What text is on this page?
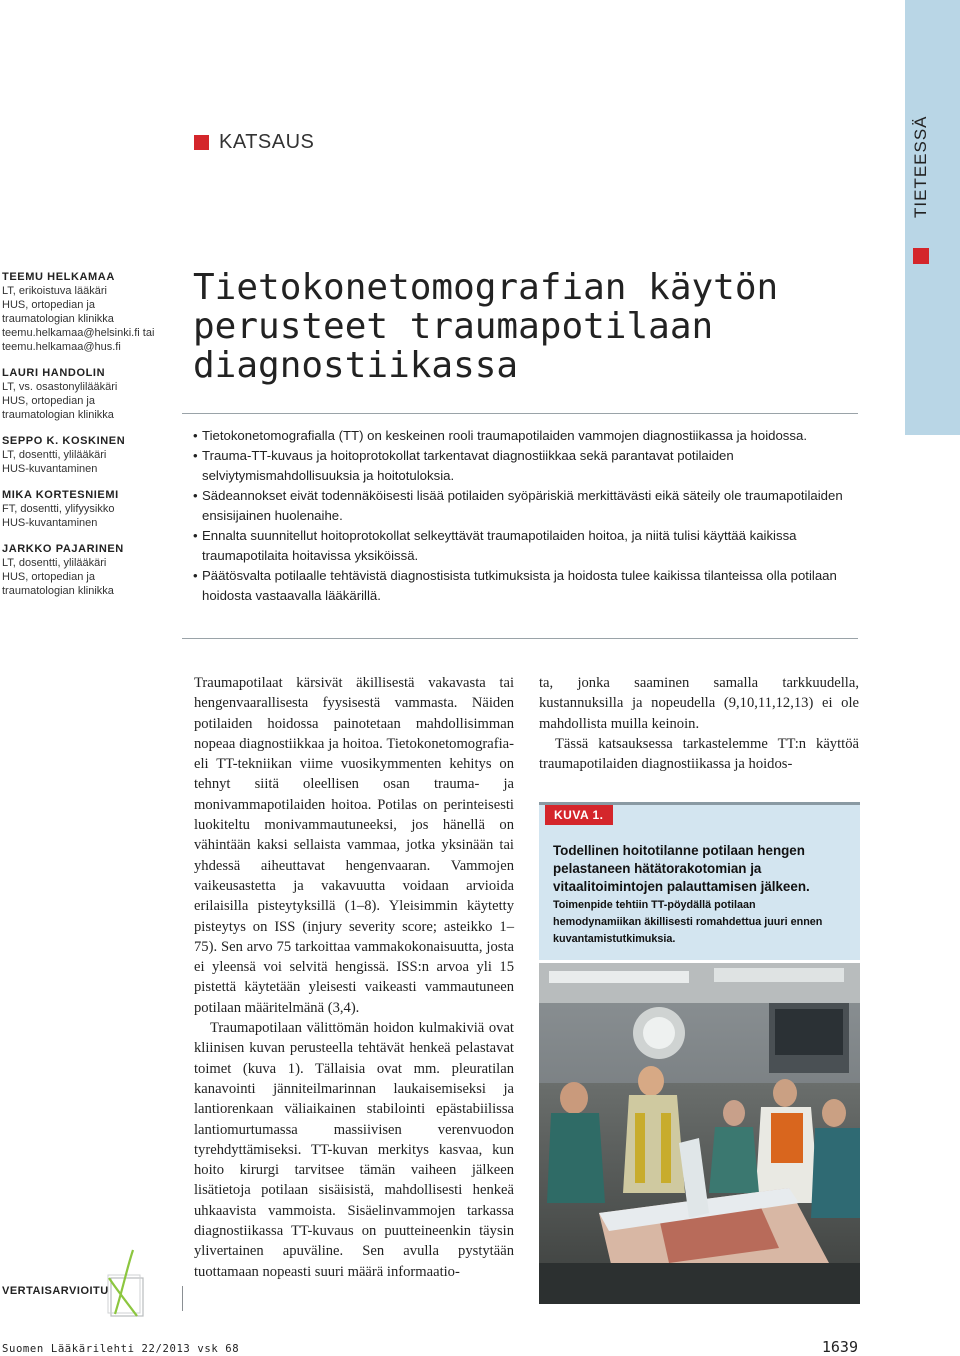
TIETEESSÄ
KATSAUS
TEEMU HELKAMAA
LT, erikoistuva lääkäri
HUS, ortopedian ja
traumatologian klinikka
teemu.helkamaa@helsinki.fi tai
teemu.helkamaa@hus.fi
LAURI HANDOLIN
LT, vs. osastonylilääkäri
HUS, ortopedian ja
traumatologian klinikka
SEPPO K. KOSKINEN
LT, dosentti, ylilääkäri
HUS-kuvantaminen
MIKA KORTESNIEMI
FT, dosentti, ylifyysikko
HUS-kuvantaminen
JARKKO PAJARINEN
LT, dosentti, ylilääkäri
HUS, ortopedian ja
traumatologian klinikka
Tietokonetomografian käytön
perusteet traumapotilaan
diagnostiikassa
• Tietokonetomografialla (TT) on keskeinen rooli traumapotilaiden vammojen diagnostiikassa ja hoidossa.
• Trauma-TT-kuvaus ja hoitoprotokollat tarkentavat diagnostiikkaa sekä parantavat potilaiden selviytymismahdollisuuksia ja hoitotuloksia.
• Sädeannokset eivät todennäköisesti lisää potilaiden syöpäriskiä merkittävästi eikä säteily ole traumapotilaiden ensisijainen huolenaihe.
• Ennalta suunnitellut hoitoprotokollat selkeyttävät traumapotilaiden hoitoa, ja niitä tulisi käyttää kaikissa traumapotilaita hoitavissa yksiköissä.
• Päätösvalta potilaalle tehtävistä diagnostisista tutkimuksista ja hoidosta tulee kaikissa tilanteissa olla potilaan hoidosta vastaavalla lääkärillä.

Traumapotilaat kärsivät äkillisestä vakavasta tai hengenvaarallisesta fyysisestä vammasta. Näiden potilaiden hoidossa painotetaan mahdollisimman nopeaa diagnostiikkaa ja hoitoa. Tietokonetomografia- eli TT-tekniikan viime vuosikymmenten kehitys on tehnyt siitä oleellisen osan trauma- ja monivammapotilaiden hoitoa. Potilas on perinteisesti luokiteltu monivammautuneeksi, jos hänellä on vähintään kaksi sellaista vammaa, jotka yksinään tai yhdessä aiheuttavat hengenvaaran. Vammojen vaikeusastetta ja vakavuutta voidaan arvioida erilaisilla pisteytyksillä (1–8). Yleisimmin käytetty pisteytys on ISS (injury severity score; asteikko 1–75). Sen arvo 75 tarkoittaa vammakokonaisuutta, josta ei yleensä voi selvitä hengissä. ISS:n arvoa yli 15 pistettä käytetään yleisesti vaikeasti vammautuneen potilaan määritelmänä (3,4).

Traumapotilaan välittömän hoidon kulmakiviä ovat kliinisen kuvan perusteella tehtävät henkeä pelastavat toimet (kuva 1). Tällaisia ovat mm. pleuratilan kanavointi jänniteilmarinnan laukaisemiseksi ja lantiorenkaan väliaikainen stabilointi epästabiilissa lantiomurtumassa massiivisen verenvuodon tyrehdyttämiseksi. TT-kuvan merkitys kasvaa, kun hoito kirurgi tarvitsee tämän vaiheen jälkeen lisätietoja potilaan sisäisistä, mahdollisesti henkeä uhkaavista vammoista. Sisäelinvammojen tarkassa diagnostiikassa TT-kuvaus on puutteineenkin täysin ylivertainen apuväline. Sen avulla pystytään tuottamaan nopeasti suuri määrä informaatio-

ta, jonka saaminen samalla tarkkuudella, kustannuksilla ja nopeudella (9,10,11,12,13) ei ole mahdollista muilla keinoin.

Tässä katsauksessa tarkastelemme TT:n käyttöä traumapotilaiden diagnostiikassa ja hoidos-

KUVA 1.
Todellinen hoitotilanne potilaan hengen pelastaneen hätätorakotomian ja vitaalitoimintojen palauttamisen jälkeen.
Toimenpide tehtiin TT-pöydällä potilaan hemodynamiikan äkillisesti romahdettua juuri ennen kuvantamistutkimuksia.
VERTAISARVIOITU
Suomen Lääkärilehti 22/2013 vsk 68	1639
